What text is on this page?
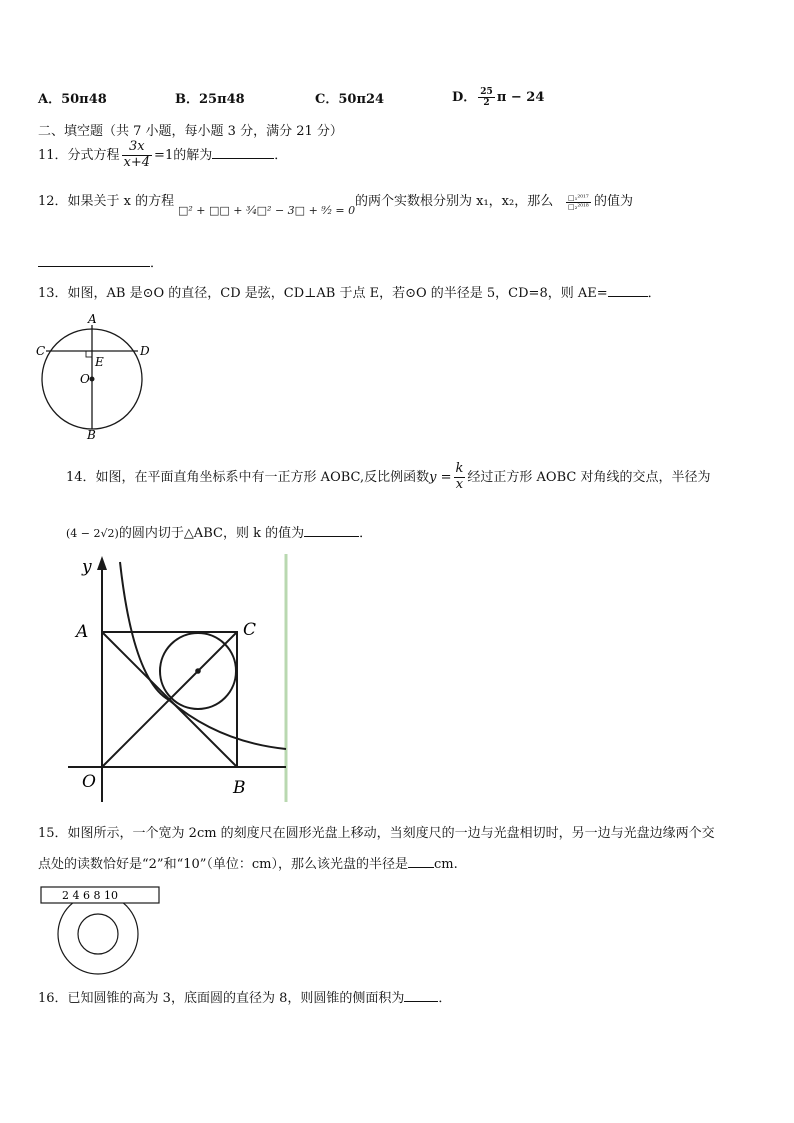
A．50π48	B．25π48	C．50π24	D． $\frac{25}{2}$ π − 24
二、填空题（共 7 小题，每小题 3 分，满分 21 分）
11．分式方程 $\frac{3x}{x+4} =1$的解为	．
12．如果关于 x 的方程
□² + □□ + ³⁄₄□² − 3□ + ⁹⁄₂ = 0
的两个实数根分别为 x₁，x₂，那么 $\frac{\text{□₁²⁰¹⁷}}{\text{□₂²⁰¹⁸}}$ 的值为
．
13．如图，AB 是⊙O 的直径，CD 是弦，CD⊥AB 于点 E，若⊙O 的半径是 5，CD=8，则 AE=	．
A
B
C	D
E
O
14．如图，在平面直角坐标系中有一正方形 AOBC,反比例函数$y = \frac{k}{x}$ 经过正方形 AOBC 对角线的交点，半径为
(4 − 2√2)的圆内切于△ABC，则 k 的值为	．
y
A	C
O	B
15．如图所示，一个宽为 2cm 的刻度尺在圆形光盘上移动，当刻度尺的一边与光盘相切时，另一边与光盘边缘两个交
点处的读数恰好是“2”和“10”（单位：cm），那么该光盘的半径是 cm.
2 4 6 8 10
16．已知圆锥的高为 3，底面圆的直径为 8，则圆锥的侧面积为	．
